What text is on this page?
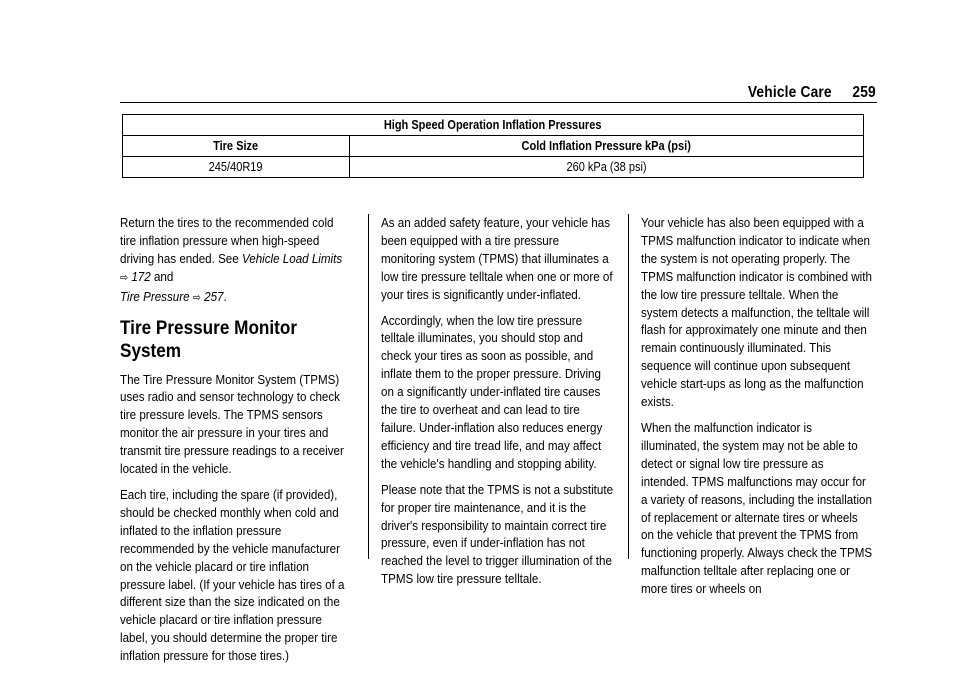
Vehicle Care 259
High Speed Operation Inflation Pressures	
Tire Size	Cold Inflation Pressure kPa (psi)
245/40R19	260 kPa (38 psi)

Return the tires to the recommended cold tire inflation pressure when high-speed driving has ended. See Vehicle Load Limits
⇨ 172 and
Tire Pressure ⇨ 257.

Tire Pressure Monitor System

The Tire Pressure Monitor System (TPMS) uses radio and sensor technology to check tire pressure levels. The TPMS sensors monitor the air pressure in your tires and transmit tire pressure readings to a receiver located in the vehicle.

Each tire, including the spare (if provided), should be checked monthly when cold and inflated to the inflation pressure recommended by the vehicle manufacturer on the vehicle placard or tire inflation pressure label. (If your vehicle has tires of a different size than the size indicated on the vehicle placard or tire inflation pressure label, you should determine the proper tire inflation pressure for those tires.)

As an added safety feature, your vehicle has been equipped with a tire pressure monitoring system (TPMS) that illuminates a low tire pressure telltale when one or more of your tires is significantly under-inflated.

Accordingly, when the low tire pressure telltale illuminates, you should stop and check your tires as soon as possible, and inflate them to the proper pressure. Driving on a significantly under-inflated tire causes the tire to overheat and can lead to tire failure. Under-inflation also reduces energy efficiency and tire tread life, and may affect the vehicle's handling and stopping ability.

Please note that the TPMS is not a substitute for proper tire maintenance, and it is the driver's responsibility to maintain correct tire pressure, even if under-inflation has not reached the level to trigger illumination of the TPMS low tire pressure telltale.

Your vehicle has also been equipped with a TPMS malfunction indicator to indicate when the system is not operating properly. The TPMS malfunction indicator is combined with the low tire pressure telltale. When the system detects a malfunction, the telltale will flash for approximately one minute and then remain continuously illuminated. This sequence will continue upon subsequent vehicle start-ups as long as the malfunction exists.

When the malfunction indicator is illuminated, the system may not be able to detect or signal low tire pressure as intended. TPMS malfunctions may occur for a variety of reasons, including the installation of replacement or alternate tires or wheels on the vehicle that prevent the TPMS from functioning properly. Always check the TPMS malfunction telltale after replacing one or more tires or wheels on
